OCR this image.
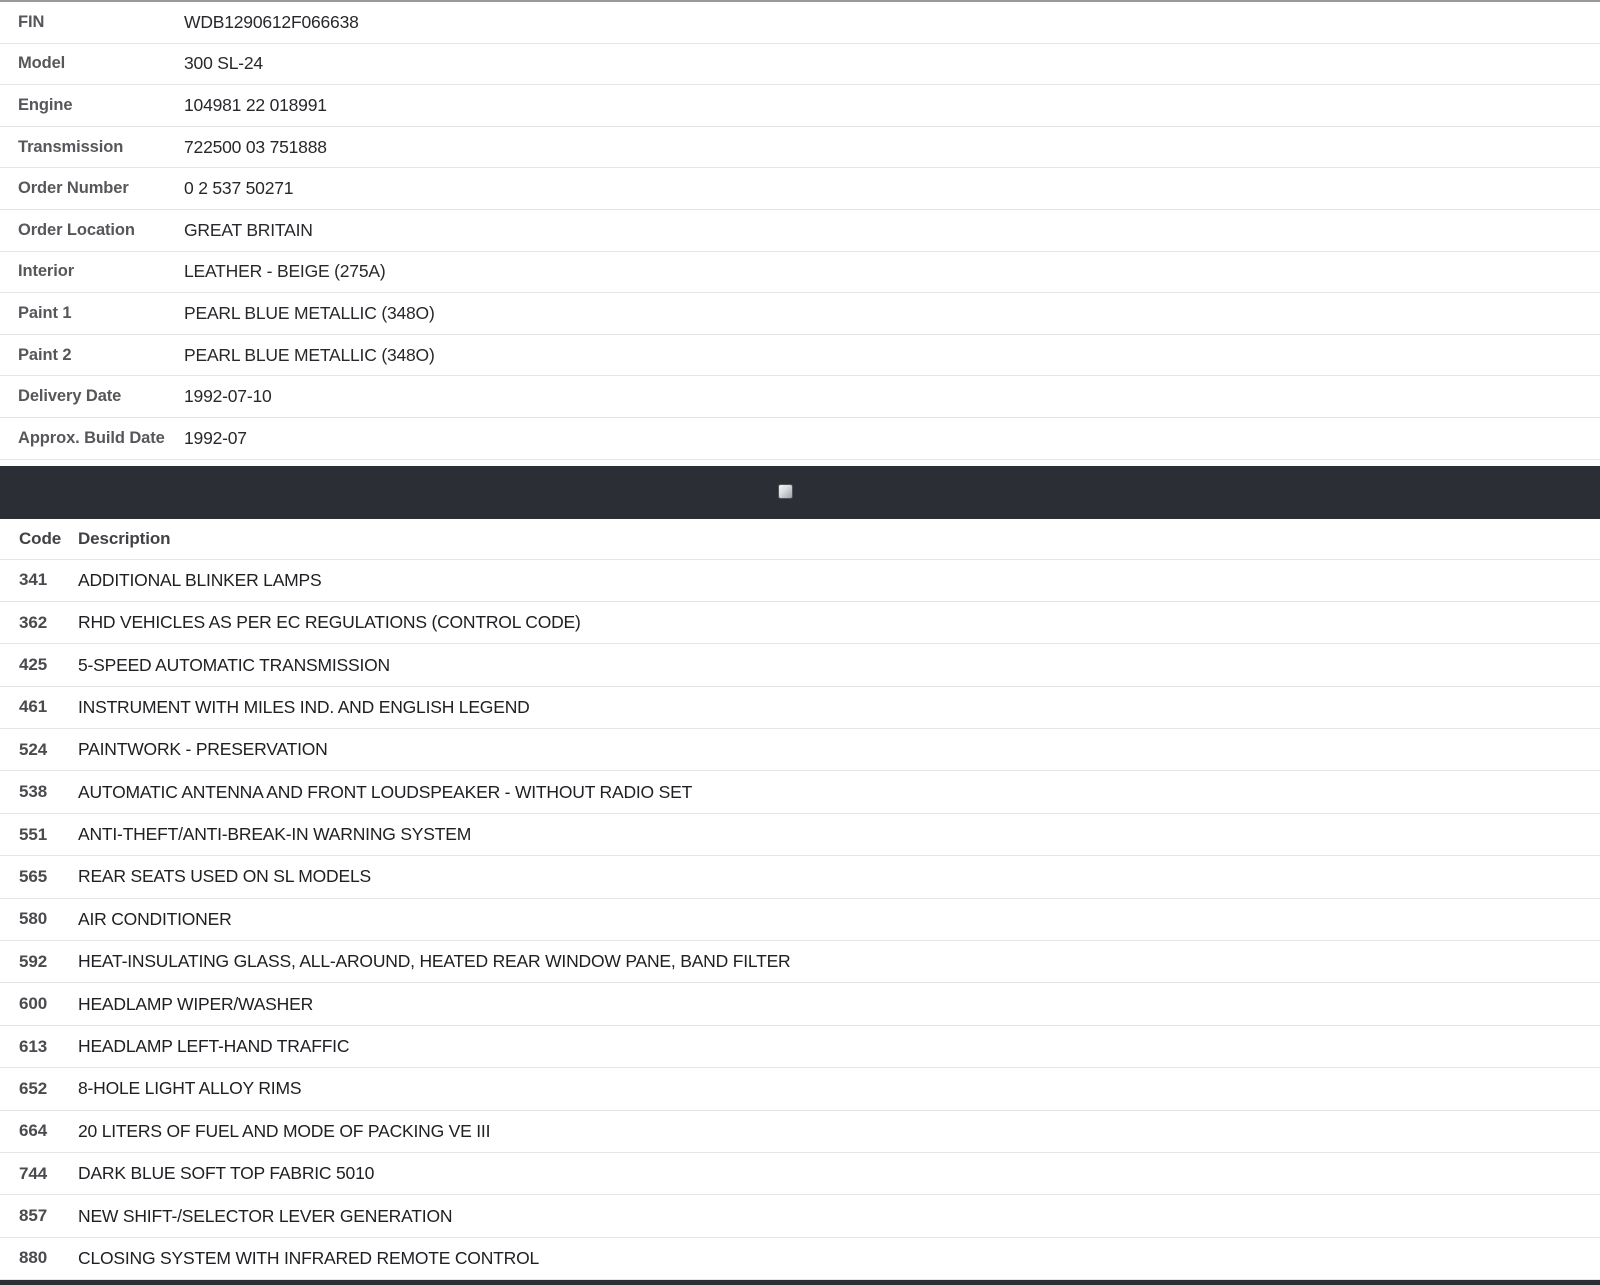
FIN	WDB1290612F066638
Model	300 SL-24
Engine	104981 22 018991
Transmission	722500 03 751888
Order Number	0 2 537 50271
Order Location	GREAT BRITAIN
Interior	LEATHER - BEIGE (275A)
Paint 1	PEARL BLUE METALLIC (348O)
Paint 2	PEARL BLUE METALLIC (348O)
Delivery Date	1992-07-10
Approx. Build Date	1992-07
Code Description
341	ADDITIONAL BLINKER LAMPS
362	RHD VEHICLES AS PER EC REGULATIONS (CONTROL CODE)
425	5-SPEED AUTOMATIC TRANSMISSION
461	INSTRUMENT WITH MILES IND. AND ENGLISH LEGEND
524	PAINTWORK - PRESERVATION
538	AUTOMATIC ANTENNA AND FRONT LOUDSPEAKER - WITHOUT RADIO SET
551	ANTI-THEFT/ANTI-BREAK-IN WARNING SYSTEM
565	REAR SEATS USED ON SL MODELS
580	AIR CONDITIONER
592	HEAT-INSULATING GLASS, ALL-AROUND, HEATED REAR WINDOW PANE, BAND FILTER
600	HEADLAMP WIPER/WASHER
613	HEADLAMP LEFT-HAND TRAFFIC
652	8-HOLE LIGHT ALLOY RIMS
664	20 LITERS OF FUEL AND MODE OF PACKING VE III
744	DARK BLUE SOFT TOP FABRIC 5010
857	NEW SHIFT-/SELECTOR LEVER GENERATION
880	CLOSING SYSTEM WITH INFRARED REMOTE CONTROL
